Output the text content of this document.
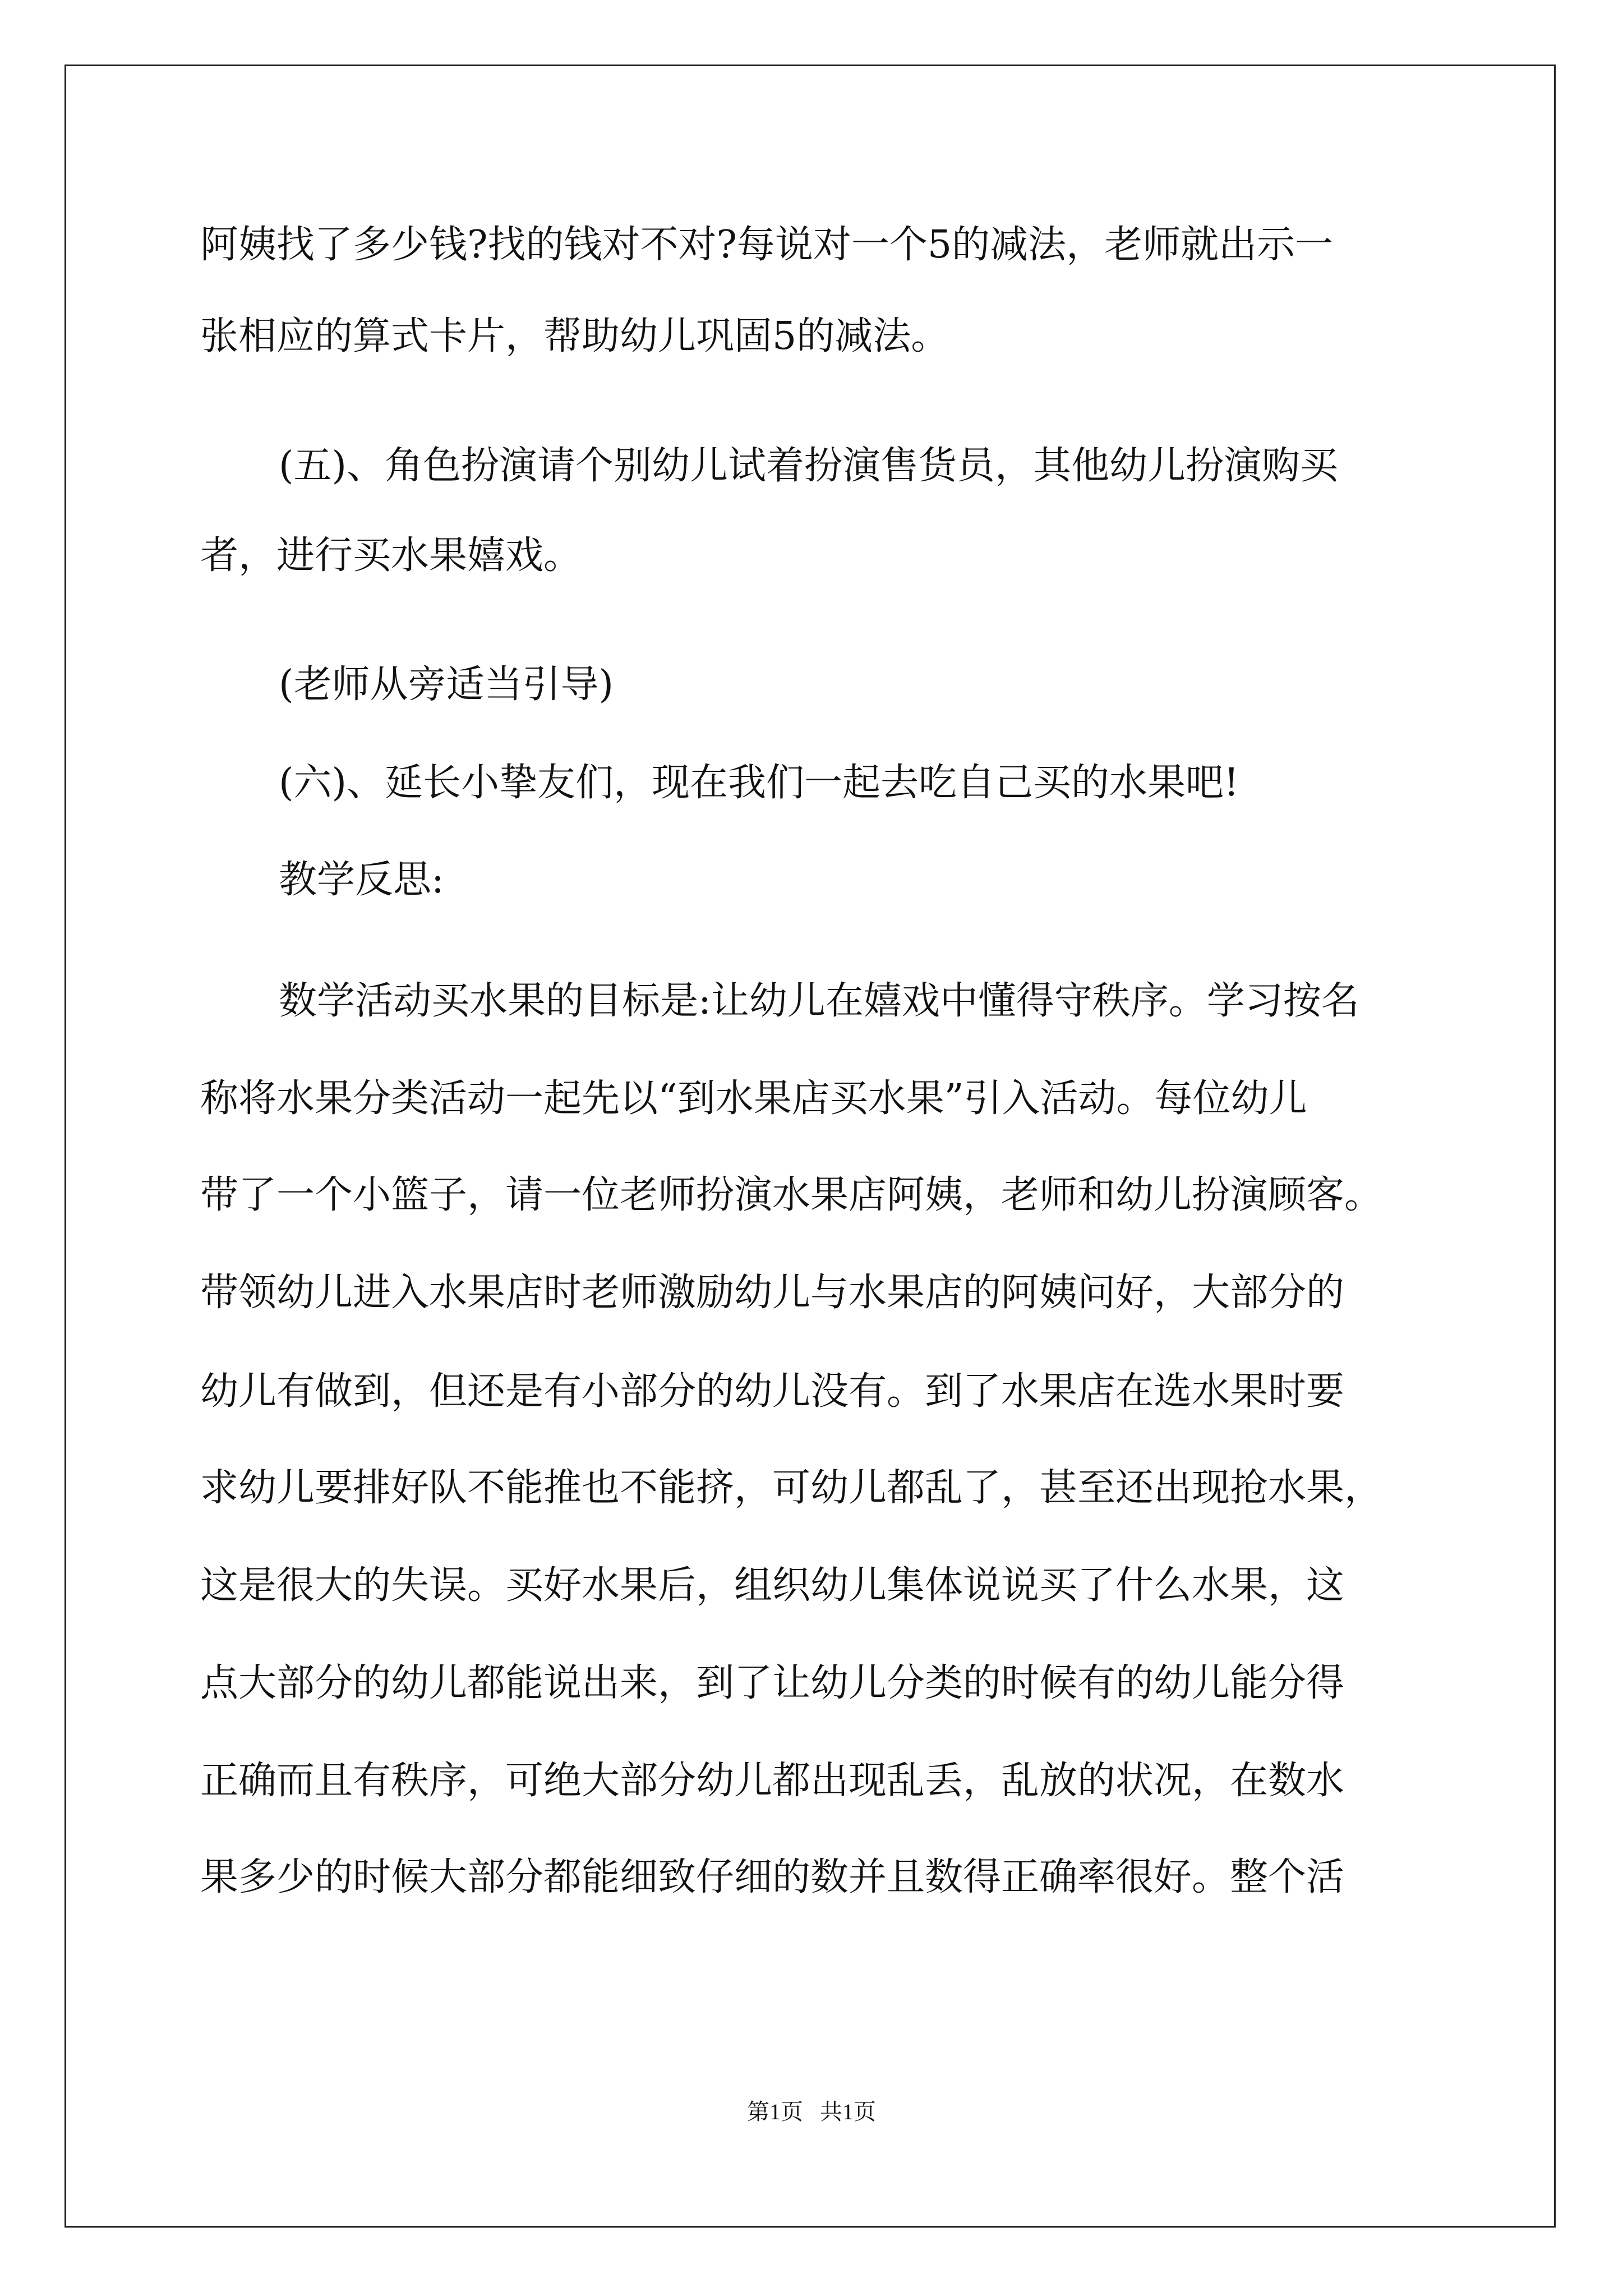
阿姨找了多少钱?找的钱对不对?每说对一个5的减法，老师就出示一
张相应的算式卡片，帮助幼儿巩固5的减法。
(五)、角色扮演请个别幼儿试着扮演售货员，其他幼儿扮演购买
者，进行买水果嬉戏。
(老师从旁适当引导)
(六)、延长小挚友们，现在我们一起去吃自己买的水果吧!
教学反思:
数学活动买水果的目标是:让幼儿在嬉戏中懂得守秩序。学习按名
称将水果分类活动一起先以“到水果店买水果”引入活动。每位幼儿
带了一个小篮子，请一位老师扮演水果店阿姨，老师和幼儿扮演顾客。
带领幼儿进入水果店时老师激励幼儿与水果店的阿姨问好，大部分的
幼儿有做到，但还是有小部分的幼儿没有。到了水果店在选水果时要
求幼儿要排好队不能推也不能挤，可幼儿都乱了，甚至还出现抢水果，
这是很大的失误。买好水果后，组织幼儿集体说说买了什么水果，这
点大部分的幼儿都能说出来，到了让幼儿分类的时候有的幼儿能分得
正确而且有秩序，可绝大部分幼儿都出现乱丢，乱放的状况，在数水
果多少的时候大部分都能细致仔细的数并且数得正确率很好。整个活
第1页   共1页
